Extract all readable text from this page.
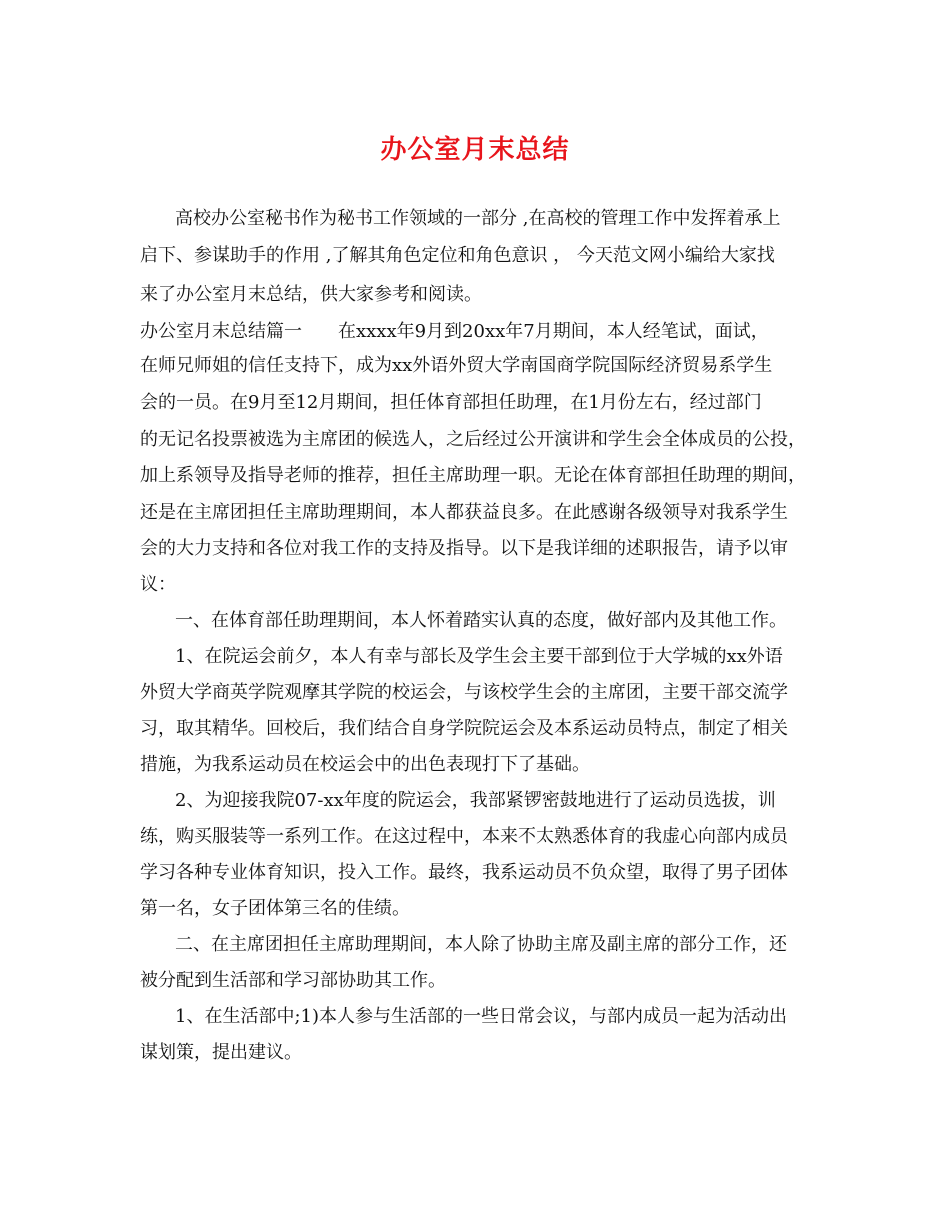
办公室月末总结
高校办公室秘书作为秘书工作领域的一部分 ,在高校的管理工作中发挥着承上
启下、参谋助手的作用 ,了解其角色定位和角色意识 ， 今天范文网小编给大家找
来了办公室月末总结，供大家参考和阅读。
办公室月末总结篇一　　在xxxx年9月到20xx年7月期间，本人经笔试，面试，
在师兄师姐的信任支持下，成为xx外语外贸大学南国商学院国际经济贸易系学生
会的一员。在9月至12月期间，担任体育部担任助理，在1月份左右，经过部门
的无记名投票被选为主席团的候选人，之后经过公开演讲和学生会全体成员的公投，
加上系领导及指导老师的推荐，担任主席助理一职。无论在体育部担任助理的期间，
还是在主席团担任主席助理期间，本人都获益良多。在此感谢各级领导对我系学生
会的大力支持和各位对我工作的支持及指导。以下是我详细的述职报告，请予以审
议：
一、在体育部任助理期间，本人怀着踏实认真的态度，做好部内及其他工作。
1、在院运会前夕，本人有幸与部长及学生会主要干部到位于大学城的xx外语
外贸大学商英学院观摩其学院的校运会，与该校学生会的主席团，主要干部交流学
习，取其精华。回校后，我们结合自身学院院运会及本系运动员特点，制定了相关
措施，为我系运动员在校运会中的出色表现打下了基础。
2、为迎接我院07-xx年度的院运会，我部紧锣密鼓地进行了运动员选拔，训
练，购买服装等一系列工作。在这过程中，本来不太熟悉体育的我虚心向部内成员
学习各种专业体育知识，投入工作。最终，我系运动员不负众望，取得了男子团体
第一名，女子团体第三名的佳绩。
二、在主席团担任主席助理期间，本人除了协助主席及副主席的部分工作，还
被分配到生活部和学习部协助其工作。
1、在生活部中;1)本人参与生活部的一些日常会议，与部内成员一起为活动出
谋划策，提出建议。
